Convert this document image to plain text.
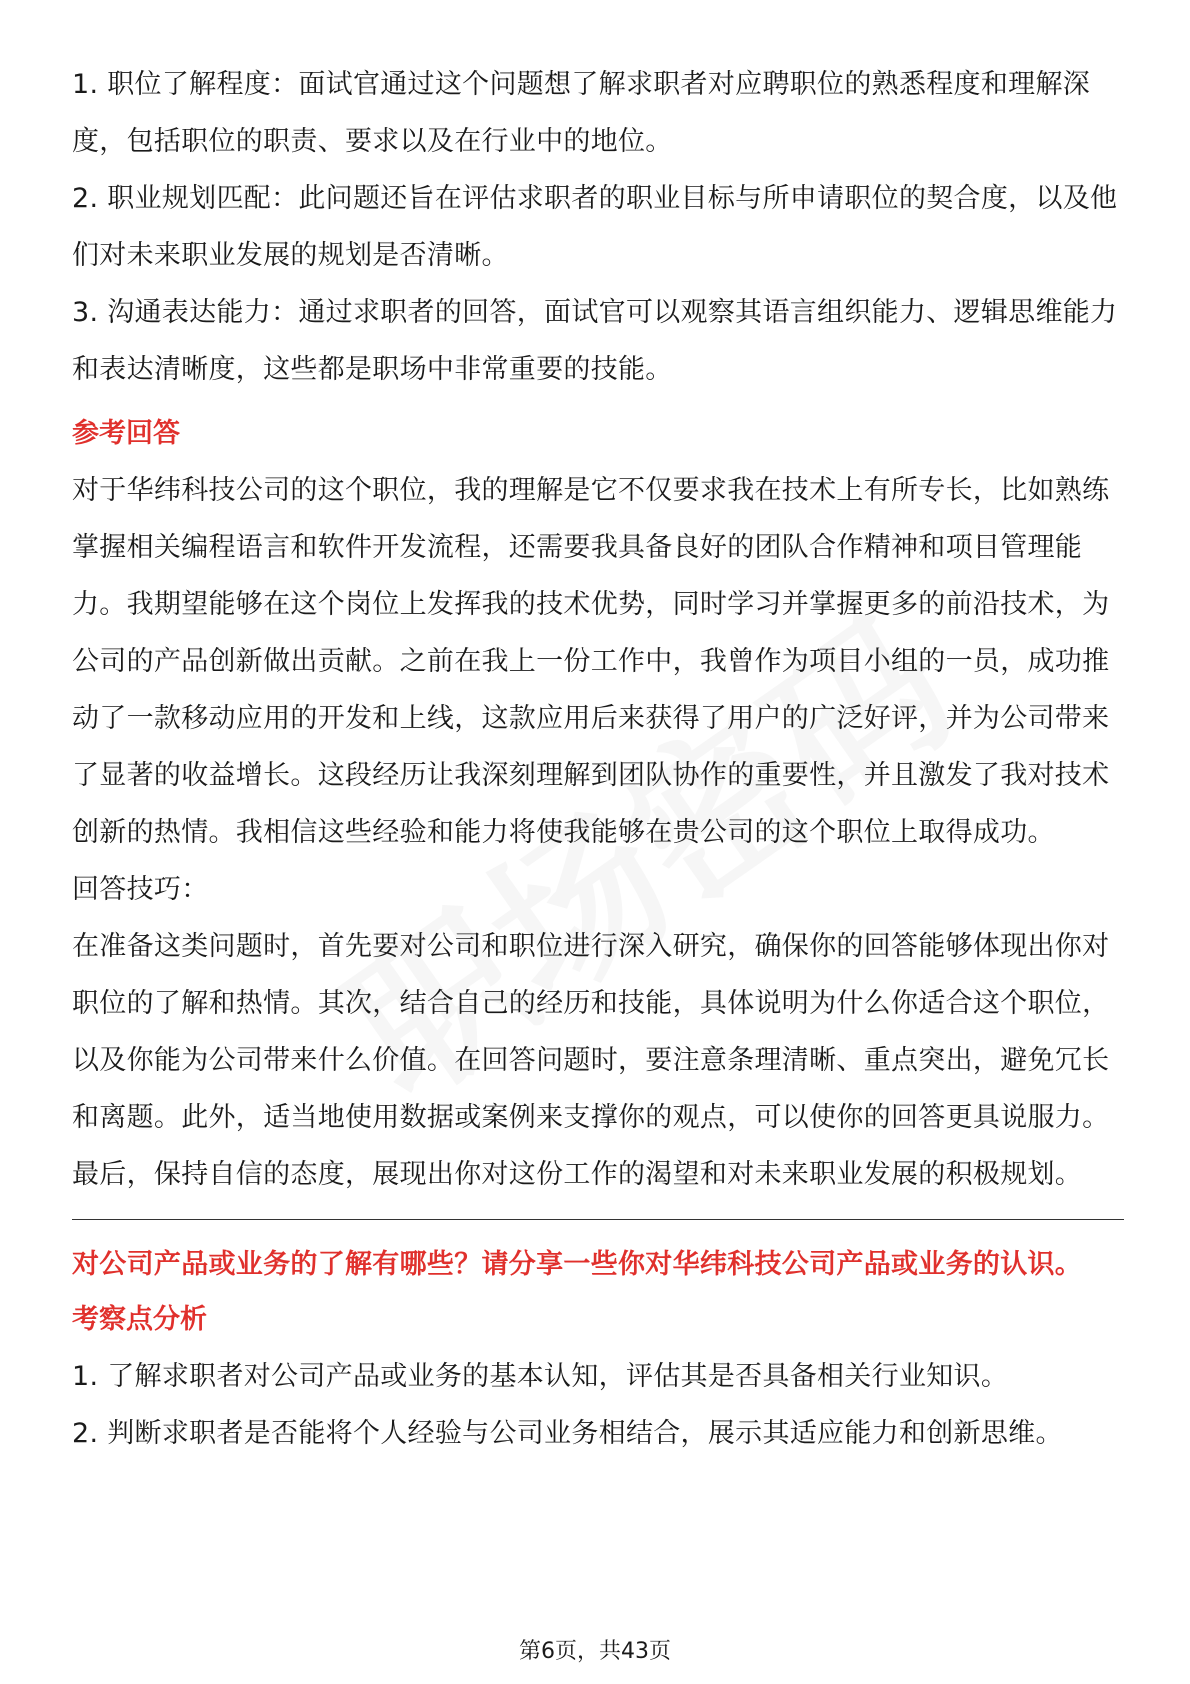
1. 职位了解程度：面试官通过这个问题想了解求职者对应聘职位的熟悉程度和理解深度，包括职位的职责、要求以及在行业中的地位。

2. 职业规划匹配：此问题还旨在评估求职者的职业目标与所申请职位的契合度，以及他们对未来职业发展的规划是否清晰。

3. 沟通表达能力：通过求职者的回答，面试官可以观察其语言组织能力、逻辑思维能力和表达清晰度，这些都是职场中非常重要的技能。

参考回答

对于华纬科技公司的这个职位，我的理解是它不仅要求我在技术上有所专长，比如熟练掌握相关编程语言和软件开发流程，还需要我具备良好的团队合作精神和项目管理能力。我期望能够在这个岗位上发挥我的技术优势，同时学习并掌握更多的前沿技术，为公司的产品创新做出贡献。之前在我上一份工作中，我曾作为项目小组的一员，成功推动了一款移动应用的开发和上线，这款应用后来获得了用户的广泛好评，并为公司带来了显著的收益增长。这段经历让我深刻理解到团队协作的重要性，并且激发了我对技术创新的热情。我相信这些经验和能力将使我能够在贵公司的这个职位上取得成功。

回答技巧：

在准备这类问题时，首先要对公司和职位进行深入研究，确保你的回答能够体现出你对职位的了解和热情。其次，结合自己的经历和技能，具体说明为什么你适合这个职位，以及你能为公司带来什么价值。在回答问题时，要注意条理清晰、重点突出，避免冗长和离题。此外，适当地使用数据或案例来支撑你的观点，可以使你的回答更具说服力。最后，保持自信的态度，展现出你对这份工作的渴望和对未来职业发展的积极规划。

对公司产品或业务的了解有哪些？请分享一些你对华纬科技公司产品或业务的认识。
考察点分析

1. 了解求职者对公司产品或业务的基本认知，评估其是否具备相关行业知识。

2. 判断求职者是否能将个人经验与公司业务相结合，展示其适应能力和创新思维。

第6页，共43页
